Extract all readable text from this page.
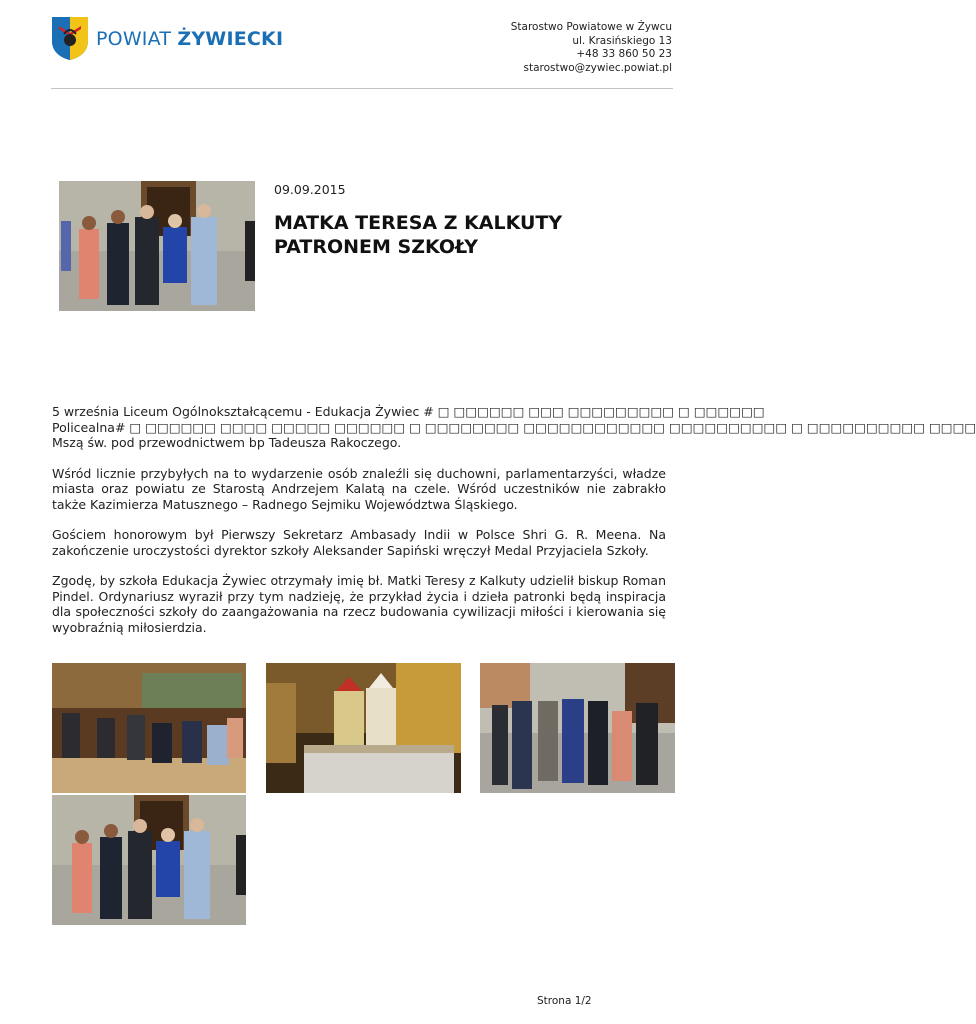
POWIAT ŻYWIECKI
Starostwo Powiatowe w Żywcu
ul. Krasińskiego 13
+48 33 860 50 23
starostwo@zywiec.powiat.pl
09.09.2015
MATKA TERESA Z KALKUTY PATRONEM SZKOŁY

5 września Liceum Ogólnokształcącemu - Edukacja Żywiec # □ □□□□□□ □□□ □□□□□□□□□ □ □□□□□□

Policealna# □ □□□□□□ □□□□ □□□□□ □□□□□□ □ □□□□□□□□ □□□□□□□□□□□□ □□□□□□□□□□ □ □□□□□□□□□□ □□□□

Mszą św. pod przewodnictwem bp Tadeusza Rakoczego.

Wśród licznie przybyłych na to wydarzenie osób znaleźli się duchowni, parlamentarzyści, władze miasta oraz powiatu ze Starostą Andrzejem Kalatą na czele. Wśród uczestników nie zabrakło także Kazimierza Matusznego – Radnego Sejmiku Województwa Śląskiego.

Gościem honorowym był Pierwszy Sekretarz Ambasady Indii w Polsce Shri G. R. Meena. Na zakończenie uroczystości dyrektor szkoły Aleksander Sapiński wręczył Medal Przyjaciela Szkoły.

Zgodę, by szkoła Edukacja Żywiec otrzymały imię bł. Matki Teresy z Kalkuty udzielił biskup Roman Pindel. Ordynariusz wyraził przy tym nadzieję, że przykład życia i dzieła patronki będą inspiracja dla społeczności szkoły do zaangażowania na rzecz budowania cywilizacji miłości i kierowania się wyobraźnią miłosierdzia.

Strona 1/2
